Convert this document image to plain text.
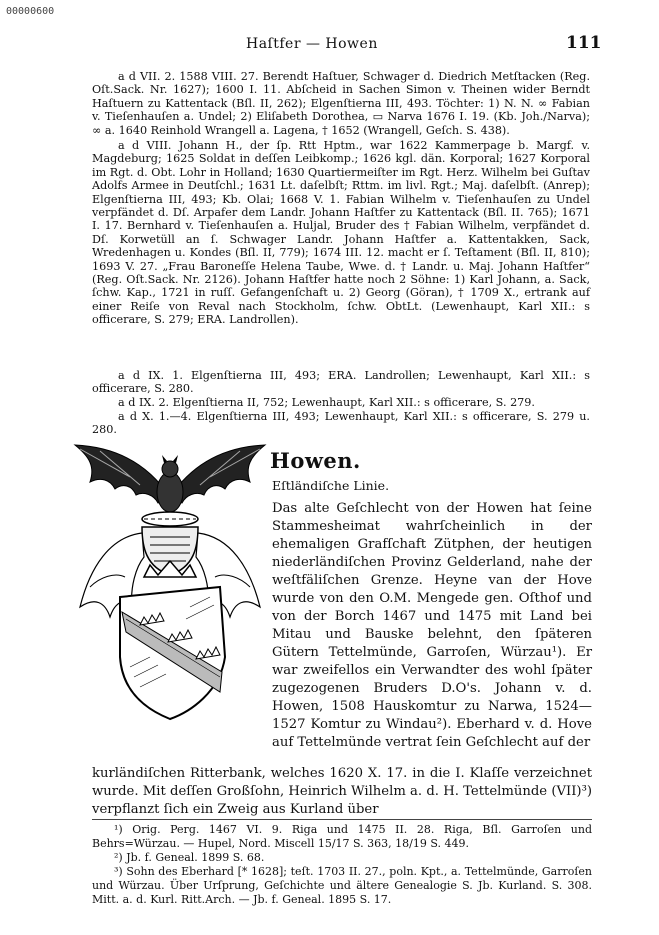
00000600
Haſtfer — Howen	111

a d VII. 2. 1588 VIII. 27. Berendt Haſtuer, Schwager d. Diedrich Metſtacken (Reg. Oſt.Sack. Nr. 1627); 1600 I. 11. Abſcheid in Sachen Simon v. Theinen wider Berndt Haſtuern zu Kattentack (Bſl. II, 262); Elgenſtierna III, 493. Töchter: 1) N. N. ∞ Fabian v. Tieſenhauſen a. Undel; 2) Eliſabeth Dorothea, ▭ Narva 1676 I. 19. (Kb. Joh./Narva); ∞ a. 1640 Reinhold Wrangell a. Lagena, † 1652 (Wrangell, Geſch. S. 438).

a d VIII. Johann H., der ſp. Rtt Hptm., war 1622 Kammerpage b. Margf. v. Magdeburg; 1625 Soldat in deſſen Leibkomp.; 1626 kgl. dän. Korporal; 1627 Korporal im Rgt. d. Obt. Lohr in Holland; 1630 Quartiermeiſter im Rgt. Herz. Wilhelm bei Guſtav Adolfs Armee in Deutſchl.; 1631 Lt. daſelbſt; Rttm. im livl. Rgt.; Maj. daſelbſt. (Anrep); Elgenſtierna III, 493; Kb. Olai; 1668 V. 1. Fabian Wilhelm v. Tieſenhauſen zu Undel verpfändet d. Dſ. Arpafer dem Landr. Johann Haſtfer zu Kattentack (Bſl. II. 765); 1671 I. 17. Bernhard v. Tieſenhauſen a. Huljal, Bruder des † Fabian Wilhelm, verpfändet d. Dſ. Korwetüll an ſ. Schwager Landr. Johann Haſtfer a. Kattentakken, Sack, Wredenhagen u. Kondes (Bſl. II, 779); 1674 III. 12. macht er ſ. Teſtament (Bſl. II, 810); 1693 V. 27. „Frau Baroneſſe Helena Taube, Wwe. d. † Landr. u. Maj. Johann Haſtfer“ (Reg. Oſt.Sack. Nr. 2126). Johann Haſtfer hatte noch 2 Söhne: 1) Karl Johann, a. Sack, ſchw. Kap., 1721 in ruſſ. Gefangenſchaft u. 2) Georg (Göran), † 1709 X., ertrank auf einer Reiſe von Reval nach Stockholm, ſchw. ObtLt. (Lewenhaupt, Karl XII.: s officerare, S. 279; ERA. Landrollen).

a d IX. 1. Elgenſtierna III, 493; ERA. Landrollen; Lewenhaupt, Karl XII.: s officerare, S. 280.

a d IX. 2. Elgenſtierna II, 752; Lewenhaupt, Karl XII.: s officerare, S. 279.

a d X. 1.—4. Elgenſtierna III, 493; Lewenhaupt, Karl XII.: s officerare, S. 279 u. 280.

Howen.
Eſtländiſche Linie.
Das alte Geſchlecht von der Howen hat ſeine Stammesheimat wahrſcheinlich in der ehemaligen Grafſchaft Zütphen, der heutigen niederländiſchen Provinz Gelderland, nahe der weſtfäliſchen Grenze. Heyne van der Hove wurde von den O.M. Mengede gen. Oſthof und von der Borch 1467 und 1475 mit Land bei Mitau und Bauske belehnt, den ſpäteren Gütern Tettelmünde, Garroſen, Würzau¹). Er war zweifellos ein Verwandter des wohl ſpäter zugezogenen Bruders D.O's. Johann v. d. Howen, 1508 Hauskomtur zu Narwa, 1524—1527 Komtur zu Windau²). Eberhard v. d. Hove auf Tettelmünde vertrat ſein Geſchlecht auf der
kurländiſchen Ritterbank, welches 1620 X. 17. in die I. Klaſſe verzeichnet wurde. Mit deſſen Großſohn, Heinrich Wilhelm a. d. H. Tettelmünde (VII)³) verpflanzt ſich ein Zweig aus Kurland über

¹) Orig. Perg. 1467 VI. 9. Riga und 1475 II. 28. Riga, Bſl. Garroſen und Behrs=Würzau. — Hupel, Nord. Miscell 15/17 S. 363, 18/19 S. 449.

²) Jb. f. Geneal. 1899 S. 68.

³) Sohn des Eberhard [* 1628]; teſt. 1703 II. 27., poln. Kpt., a. Tettelmünde, Garroſen und Würzau. Über Urſprung, Geſchichte und ältere Genealogie S. Jb. Kurland. S. 308. Mitt. a. d. Kurl. Ritt.Arch. — Jb. f. Geneal. 1895 S. 17.
